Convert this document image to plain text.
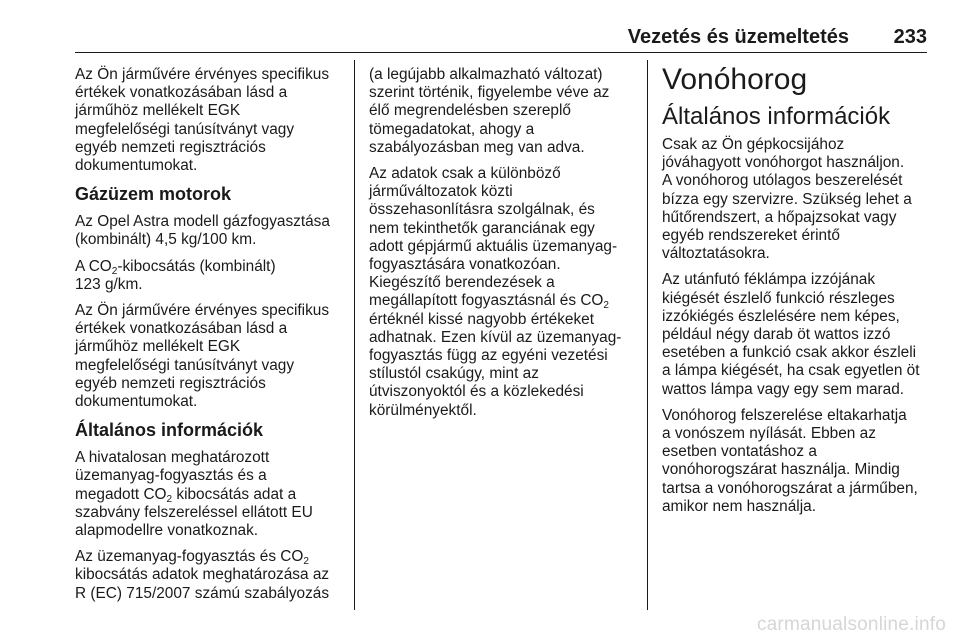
Vezetés és üzemeltetés 233

Az Ön járművére érvényes specifikus
értékek vonatkozásában lásd a
járműhöz mellékelt EGK
megfelelőségi tanúsítványt vagy
egyéb nemzeti regisztrációs
dokumentumokat.

Gázüzem motorok

Az Opel Astra modell gázfogyasztása
(kombinált) 4,5 kg/100 km.

A $CO_2$-kibocsátás (kombinált)
123 g/km.

Az Ön járművére érvényes specifikus
értékek vonatkozásában lásd a
járműhöz mellékelt EGK
megfelelőségi tanúsítványt vagy
egyéb nemzeti regisztrációs
dokumentumokat.

Általános információk

A hivatalosan meghatározott
üzemanyag-fogyasztás és a
megadott $CO_2$ kibocsátás adat a
szabvány felszereléssel ellátott EU
alapmodellre vonatkoznak.

Az üzemanyag-fogyasztás és $CO_2$
kibocsátás adatok meghatározása az
R (EC) 715/2007 számú szabályozás

(a legújabb alkalmazható változat)
szerint történik, figyelembe véve az
élő megrendelésben szereplő
tömegadatokat, ahogy a
szabályozásban meg van adva.

Az adatok csak a különböző
járműváltozatok közti
összehasonlításra szolgálnak, és
nem tekinthetők garanciának egy
adott gépjármű aktuális üzemanyag-
fogyasztására vonatkozóan.
Kiegészítő berendezések a
megállapított fogyasztásnál és $CO_2$
értéknél kissé nagyobb értékeket
adhatnak. Ezen kívül az üzemanyag-
fogyasztás függ az egyéni vezetési
stílustól csakúgy, mint az
útviszonyoktól és a közlekedési
körülményektől.

Vonóhorog
Általános információk

Csak az Ön gépkocsijához
jóváhagyott vonóhorgot használjon.
A vonóhorog utólagos beszerelését
bízza egy szervizre. Szükség lehet a
hűtőrendszert, a hőpajzsokat vagy
egyéb rendszereket érintő
változtatásokra.

Az utánfutó féklámpa izzójának
kiégését észlelő funkció részleges
izzókiégés észlelésére nem képes,
például négy darab öt wattos izzó
esetében a funkció csak akkor észleli
a lámpa kiégését, ha csak egyetlen öt
wattos lámpa vagy egy sem marad.

Vonóhorog felszerelése eltakarhatja
a vonószem nyílását. Ebben az
esetben vontatáshoz a
vonóhorogszárat használja. Mindig
tartsa a vonóhorogszárat a járműben,
amikor nem használja.

carmanualsonline.info
